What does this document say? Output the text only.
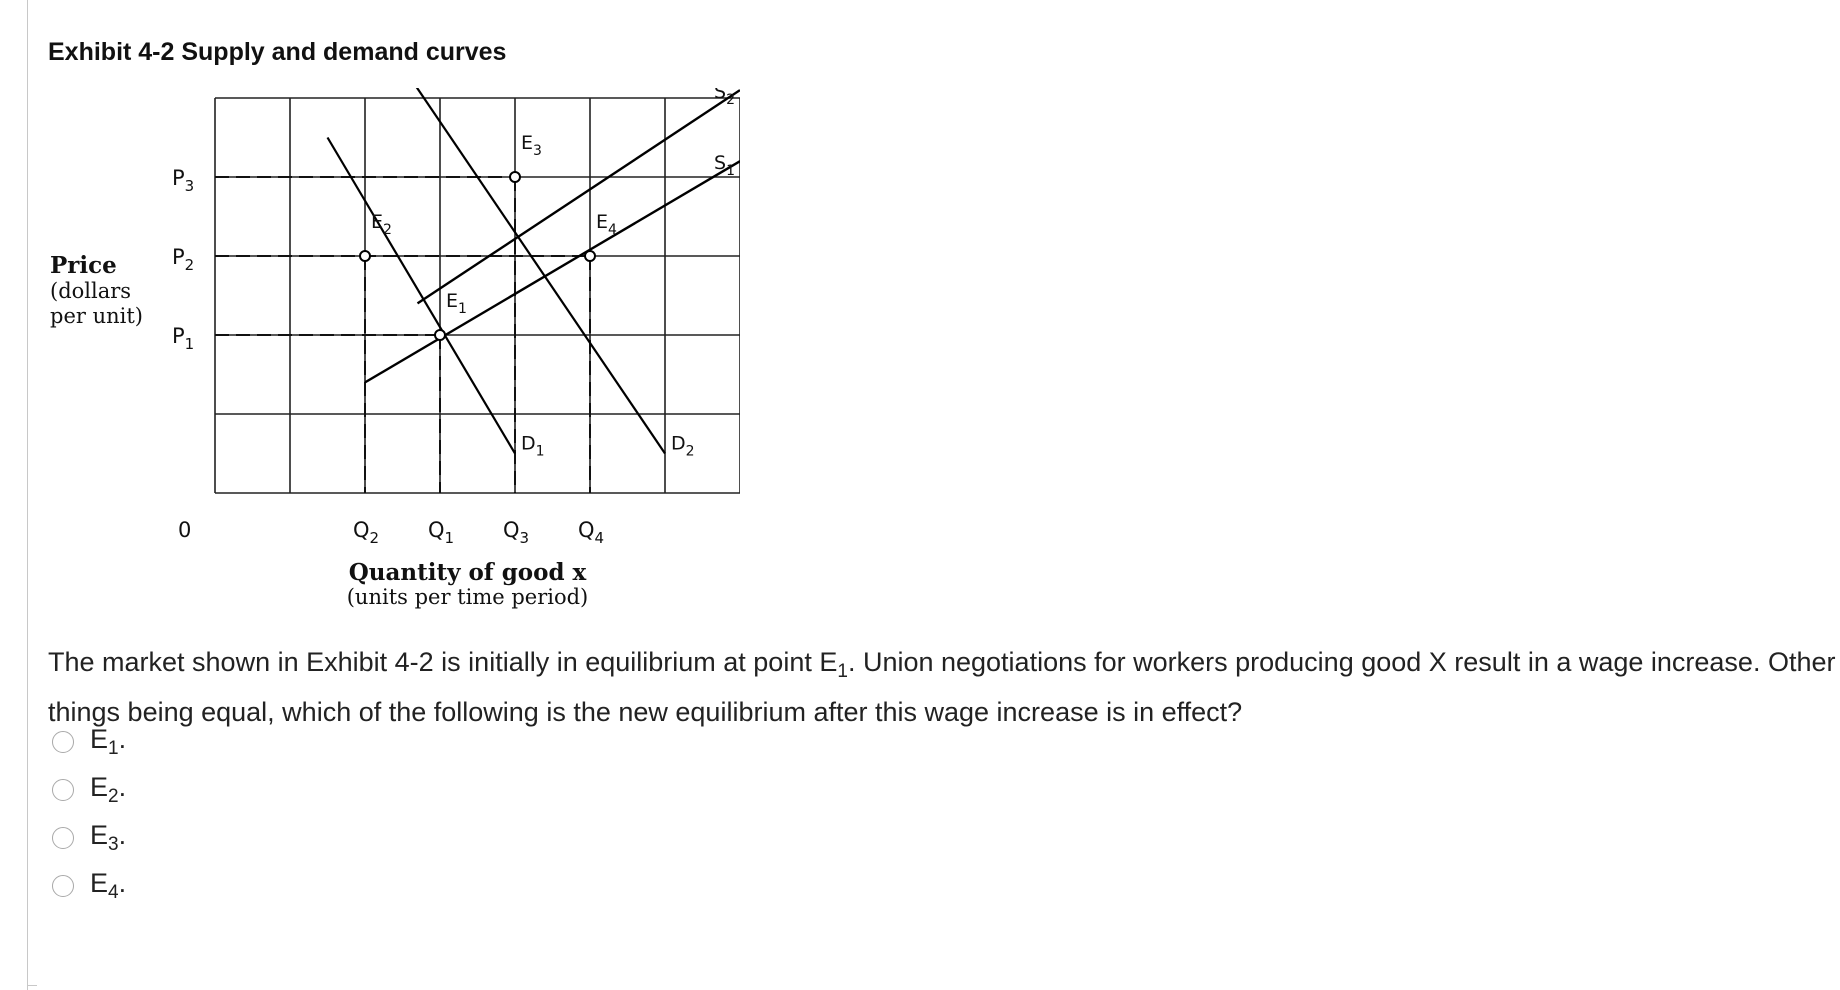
Exhibit 4-2 Supply and demand curves
$S_1$
$S_2$
$D_1$	$D_2$
$E_1$
$E_2$
$E_3$
$E_4$
$P_1$
$P_2$
$P_3$
0	$Q_2$ $Q_1$ $Q_3$ $Q_4$
Price
(dollars
per unit)
Quantity of good x
(units per time period)
The market shown in Exhibit 4-2 is initially in equilibrium at point $E_1$. Union negotiations for workers producing good X result in a wage increase. Other things being equal, which of the following is the new equilibrium after this wage increase is in effect?
$E_1$.
$E_2$.
$E_3$.
$E_4$.
